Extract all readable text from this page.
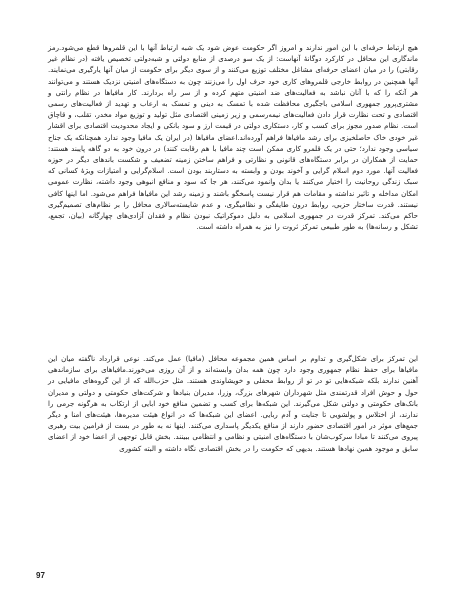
هیچ ارتباط حرفه‌ای با این امور ندارند و امروز اگر حکومت عوض شود یک شبه ارتباط آنها با این قلمروها قطع می‌شود.رمز ماندگاری این محافل در کارکرد دوگانهٔ آنهاست: از یک سو درصدی از منابع دولتی و شبه‌دولتی تخصیص یافته (در نظام غیر رقابتی) را در میان اعضای حرفه‌ای مشاغل مختلف توزیع می‌کنند و از سوی دیگر برای حکومت از میان آنها یارگیری می‌نمایند. آنها همچنین در روابط خارجی قلمروهای کاری خود حرف اول را می‌زنند چون به دستگاه‌های امنیتی نزدیک هستند و می‌توانند هر آنکه را که با آنان نباشد به فعالیت‌های ضد امنیتی متهم کرده و از سر راه بردارند. کار مافیاها در نظام رانتی و مشتری‌پرور جمهوری اسلامی باجگیری محافظت شده با تمسک به دینی و تمسک به ارعاب و تهدید از فعالیت‌های رسمی اقتصادی و تحت نظارت قرار دادن فعالیت‌های نیمه‌رسمی و زیر زمینی اقتصادی مثل تولید و توزیع مواد مخدر، تقلب، و قاچاق است. نظام صدور مجوز برای کسب و کار، دستکاری دولتی در قیمت ارز و سود بانکی و ایجاد محدودیت اقتصادی برای اقشار غیر خودی خاک حاصلخیزی برای رشد مافیاها فراهم آورده‌اند.اعضای مافیاها (در ایران یک مافیا وجود ندارد همچنانکه یک جناح سیاسی وجود ندارد؛ حتی در یک قلمرو کاری ممکن است چند مافیا با هم رقابت کنند) در درون خود به دو گاهه پایبند هستند: حمایت از همکاران در برابر دستگاه‌های قانونی و نظارتی و فراهم ساختن زمینه تضعیف و شکست باندهای دیگر در حوزه فعالیت آنها. مورد دوم اسلام گرایی و آخوند بودن و وابسته به دستاربند بودن است. اسلام‌گرایی و امتیازات ویژهٔ کسانی که سبک زندگی روحانیت را اختیار می‌کنند یا بدان وانمود می‌کنند، هر جا که سود و منافع انبوهی وجود داشته، نظارت عمومی امکان مداخله و تاثیر نداشته و مقامات هم قرار نیست پاسخگو باشند و زمینه رشد این مافیاها فراهم می‌شود. اما اینها کافی نیستند. قدرت ساختار حزبی، روابط درون طایفگی و نظامیگری، و عدم شایسته‌سالاری محافل را بر نظام‌های تصمیم‌گیری حاکم می‌کند. تمرکز قدرت در جمهوری اسلامی به دلیل دموکراتیک نبودن نظام و فقدان آزادی‌های چهارگانه (بیان، تجمع، تشکل و رسانه‌ها) به طور طبیعی تمرکز ثروت را نیز به همراه داشته است.

این تمرکز برای شکل‌گیری و تداوم بر اساس همین مجموعه محافل (مافیا) عمل می‌کند. نوعی قرارداد ناگفته میان این مافیاها برای حفظ نظام جمهوری وجود دارد چون همه بدان وابسته‌اند و از آن روزی می‌خورند.مافیاهای برای سازماندهی آهنین ندارند بلکه شبکه‌هایی تو در تو از روابط محفلی و خویشاوندی هستند. مثل حزب‌الله که از این گروه‌های مافیایی در حول و حوش افراد قدرتمندی مثل شهرداران شهرهای بزرگ، وزرا، مدیران بنیادها و شرکت‌های حکومتی و دولتی و مدیران بانک‌های حکومتی و دولتی شکل می‌گیرند. این شبکه‌ها برای کسب و تضمین منافع خود ابایی از ارتکاب به هرگونه جرمی را ندارند، از اختلاس و پولشویی تا جنایت و آدم ربایی. اعضای این شبکه‌ها که در انواع هیئت مدیره‌ها، هیئت‌های امنا و دیگر جمع‌های موثر در امور اقتصادی حضور دارند از منافع یکدیگر پاسداری می‌کنند. اینها نه به طور در بست از فرامین بیت رهبری پیروی می‌کنند تا مبادا سرکوب‌شان با دستگاه‌های امنیتی و نظامی و انتظامی ببینند. بخش قابل توجهی از اعضا خود از اعضای سابق و موجود همین نهادها هستند. بدیهی که حکومت را در بخش اقتصادی نگاه داشته و البته کشوری

97
